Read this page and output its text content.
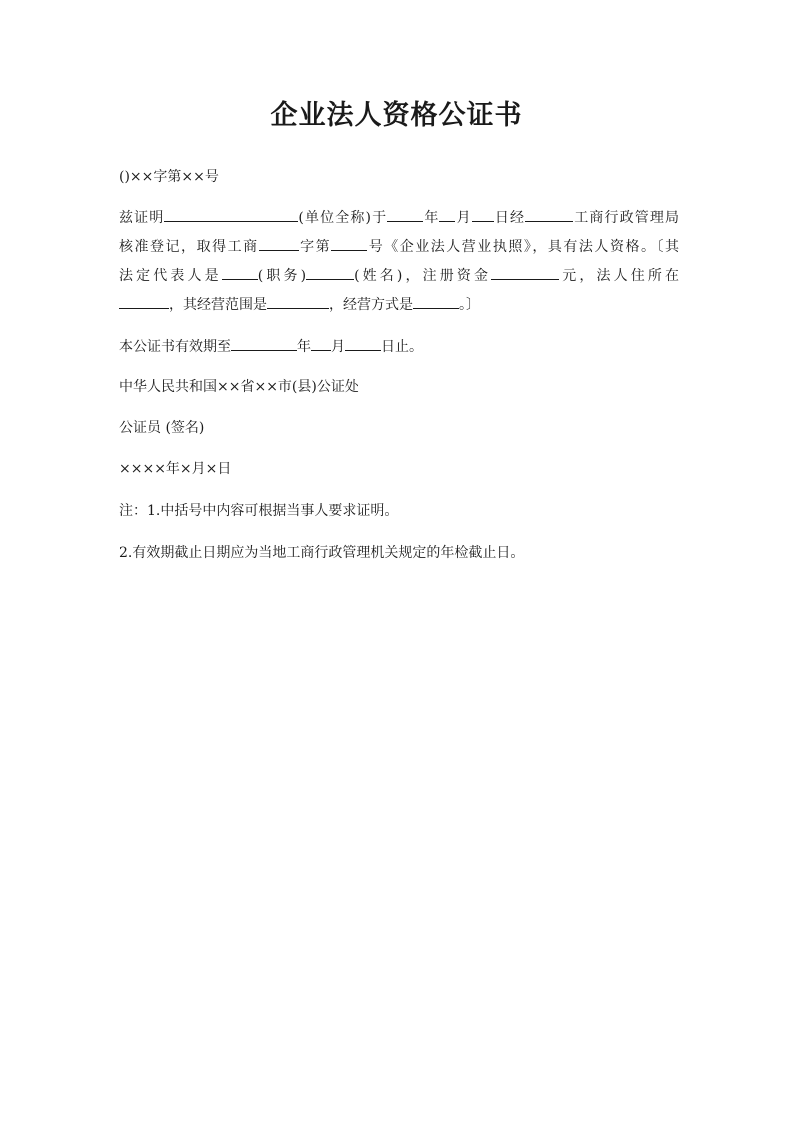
企业法人资格公证书
()××字第××号
兹证明	(单位全称)于	年 月 日经	工商行政管理局
核准登记，取得工商	字第	号《企业法人营业执照》，具有法人资格。〔其
法定代表人是	(职务)	(姓名)，注册资金	元，法人住所在
，其经营范围是	，经营方式是	。〕
本公证书有效期至	年 月	日止。
中华人民共和国××省××市(县)公证处
公证员 (签名)
××××年×月×日
注：1.中括号中内容可根据当事人要求证明。
2.有效期截止日期应为当地工商行政管理机关规定的年检截止日。
